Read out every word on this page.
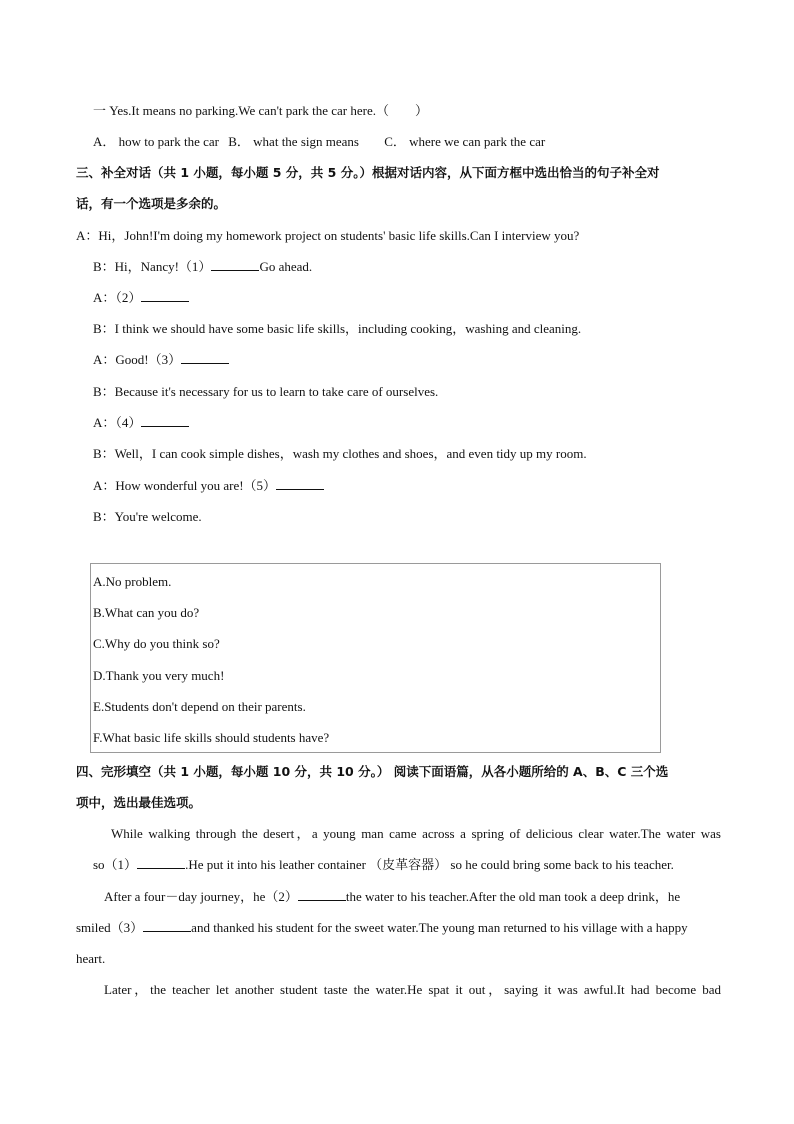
一 Yes.It means no parking.We can't park the car here.（　　）
A． how to park the car B． what the sign means C． where we can park the car
三、补全对话（共 1 小题，每小题 5 分，共 5 分。）根据对话内容，从下面方框中选出恰当的句子补全对
话，有一个选项是多余的。
A：Hi，John!I'm doing my homework project on students' basic life skills.Can I interview you?
B：Hi，Nancy!（1）	Go ahead.
A：（2）
B：I think we should have some basic life skills，including cooking，washing and cleaning.
A：Good!（3）
B：Because it's necessary for us to learn to take care of ourselves.
A：（4）
B：Well，I can cook simple dishes，wash my clothes and shoes，and even tidy up my room.
A：How wonderful you are!（5）
B：You're welcome.
A.No problem.
B.What can you do?
C.Why do you think so?
D.Thank you very much!
E.Students don't depend on their parents.
F.What basic life skills should students have?
四、完形填空（共 1 小题，每小题 10 分，共 10 分。） 阅读下面语篇，从各小题所给的 A、B、C 三个选
项中，选出最佳选项。
While walking through the desert，a young man came across a spring of delicious clear water.The water was
so（1）	.He put it into his leather container （皮革容器） so he could bring some back to his teacher.
After a four－day journey，he（2）	the water to his teacher.After the old man took a deep drink，he
smiled（3）	and thanked his student for the sweet water.The young man returned to his village with a happy
heart.
Later，the teacher let another student taste the water.He spat it out，saying it was awful.It had become bad
